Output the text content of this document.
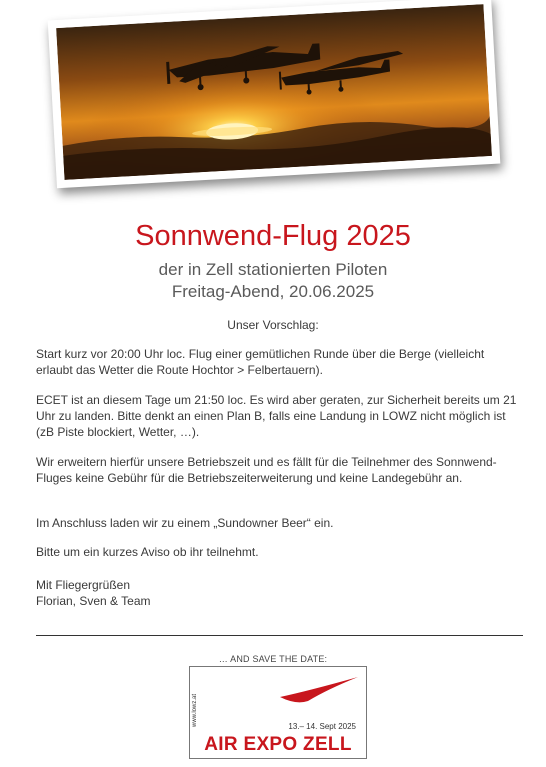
Sonnwend-Flug 2025
der in Zell stationierten Piloten
Freitag-Abend, 20.06.2025
Unser Vorschlag:
Start kurz vor 20:00 Uhr loc. Flug einer gemütlichen Runde über die Berge (vielleicht erlaubt das Wetter die Route Hochtor > Felbertauern).
ECET ist an diesem Tage um 21:50 loc. Es wird aber geraten, zur Sicherheit bereits um 21 Uhr zu landen. Bitte denkt an einen Plan B, falls eine Landung in LOWZ nicht möglich ist (zB Piste blockiert, Wetter, …).
Wir erweitern hierfür unsere Betriebszeit und es fällt für die Teilnehmer des Sonnwend-Fluges keine Gebühr für die Betriebszeiterweiterung und keine Landegebühr an.
Im Anschluss laden wir zu einem „Sundowner Beer“ ein.
Bitte um ein kurzes Aviso ob ihr teilnehmt.
Mit Fliegergrüßen
Florian, Sven & Team
… AND SAVE THE DATE:
www.lowz.at	13.– 14. Sept 2025
AIR EXPO ZELL
